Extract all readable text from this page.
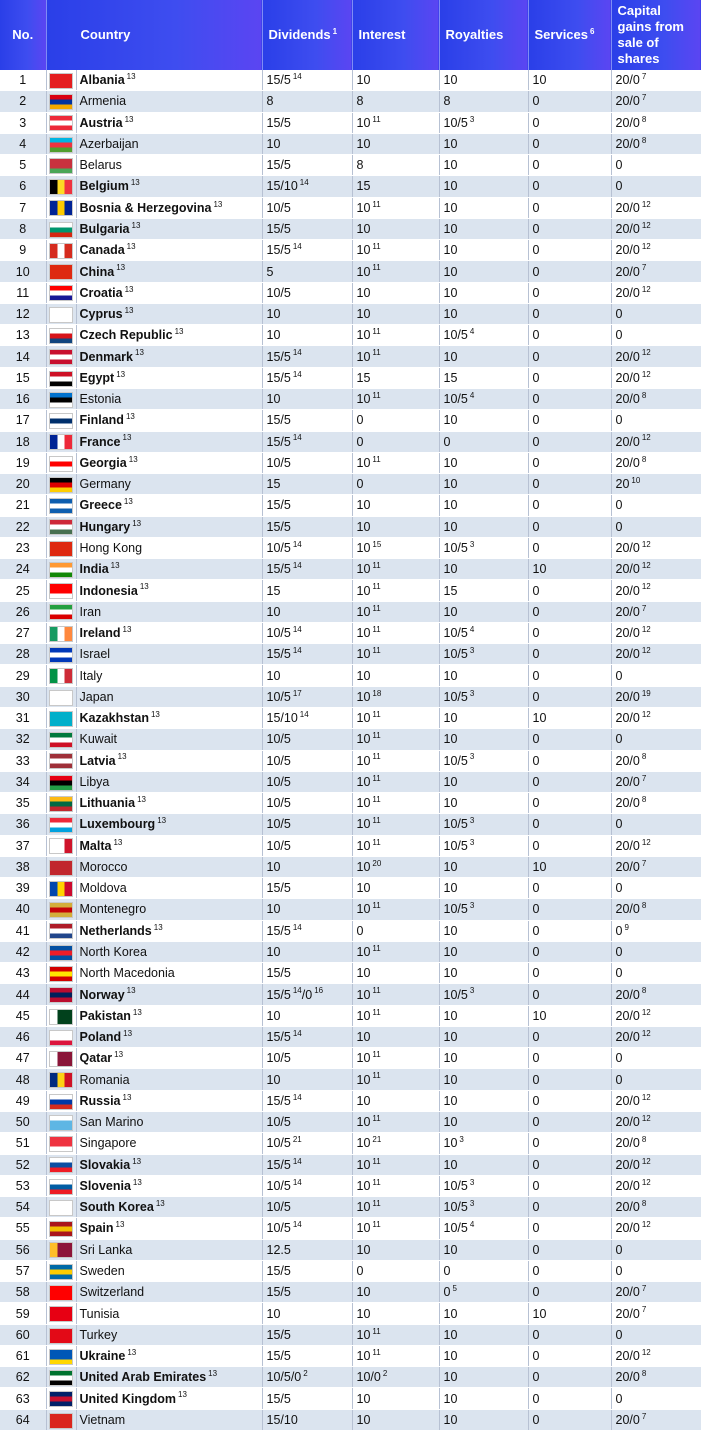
No.	Country		Dividends $^1$	Interest	Royalties	Services $^6$	Capital gains from sale of shares
1		Albania $^{13}$	15/5 $^{14}$	10	10	10	20/0 $^7$
2		Armenia	8	8	8	0	20/0 $^7$
3		Austria $^{13}$	15/5	10 $^{11}$	10/5 $^3$	0	20/0 $^8$
4		Azerbaijan	10	10	10	0	20/0 $^8$
5		Belarus	15/5	8	10	0	0
6		Belgium $^{13}$	15/10 $^{14}$	15	10	0	0
7		Bosnia & Herzegovina $^{13}$	10/5	10 $^{11}$	10	0	20/0 $^{12}$
8		Bulgaria $^{13}$	15/5	10	10	0	20/0 $^{12}$
9		Canada $^{13}$	15/5 $^{14}$	10 $^{11}$	10	0	20/0 $^{12}$
10		China $^{13}$	5	10 $^{11}$	10	0	20/0 $^7$
11		Croatia $^{13}$	10/5	10	10	0	20/0 $^{12}$
12		Cyprus $^{13}$	10	10	10	0	0
13		Czech Republic $^{13}$	10	10 $^{11}$	10/5 $^4$	0	0
14		Denmark $^{13}$	15/5 $^{14}$	10 $^{11}$	10	0	20/0 $^{12}$
15		Egypt $^{13}$	15/5 $^{14}$	15	15	0	20/0 $^{12}$
16		Estonia	10	10 $^{11}$	10/5 $^4$	0	20/0 $^8$
17		Finland $^{13}$	15/5	0	10	0	0
18		France $^{13}$	15/5 $^{14}$	0	0	0	20/0 $^{12}$
19		Georgia $^{13}$	10/5	10 $^{11}$	10	0	20/0 $^8$
20		Germany	15	0	10	0	20 $^{10}$
21		Greece $^{13}$	15/5	10	10	0	0
22		Hungary $^{13}$	15/5	10	10	0	0
23		Hong Kong	10/5 $^{14}$	10 $^{15}$	10/5 $^3$	0	20/0 $^{12}$
24		India $^{13}$	15/5 $^{14}$	10 $^{11}$	10	10	20/0 $^{12}$
25		Indonesia $^{13}$	15	10 $^{11}$	15	0	20/0 $^{12}$
26		Iran	10	10 $^{11}$	10	0	20/0 $^7$
27		Ireland $^{13}$	10/5 $^{14}$	10 $^{11}$	10/5 $^4$	0	20/0 $^{12}$
28		Israel	15/5 $^{14}$	10 $^{11}$	10/5 $^3$	0	20/0 $^{12}$
29		Italy	10	10	10	0	0
30		Japan	10/5 $^{17}$	10 $^{18}$	10/5 $^3$	0	20/0 $^{19}$
31		Kazakhstan $^{13}$	15/10 $^{14}$	10 $^{11}$	10	10	20/0 $^{12}$
32		Kuwait	10/5	10 $^{11}$	10	0	0
33		Latvia $^{13}$	10/5	10 $^{11}$	10/5 $^3$	0	20/0 $^8$
34		Libya	10/5	10 $^{11}$	10	0	20/0 $^7$
35		Lithuania $^{13}$	10/5	10 $^{11}$	10	0	20/0 $^8$
36		Luxembourg $^{13}$	10/5	10 $^{11}$	10/5 $^3$	0	0
37		Malta $^{13}$	10/5	10 $^{11}$	10/5 $^3$	0	20/0 $^{12}$
38		Morocco	10	10 $^{20}$	10	10	20/0 $^7$
39		Moldova	15/5	10	10	0	0
40		Montenegro	10	10 $^{11}$	10/5 $^3$	0	20/0 $^8$
41		Netherlands $^{13}$	15/5 $^{14}$	0	10	0	0 $^9$
42		North Korea	10	10 $^{11}$	10	0	0
43		North Macedonia	15/5	10	10	0	0
44		Norway $^{13}$	15/5 $^{14}$/0 $^{16}$	10 $^{11}$	10/5 $^3$	0	20/0 $^8$
45		Pakistan $^{13}$	10	10 $^{11}$	10	10	20/0 $^{12}$
46		Poland $^{13}$	15/5 $^{14}$	10	10	0	20/0 $^{12}$
47		Qatar $^{13}$	10/5	10 $^{11}$	10	0	0
48		Romania	10	10 $^{11}$	10	0	0
49		Russia $^{13}$	15/5 $^{14}$	10	10	0	20/0 $^{12}$
50		San Marino	10/5	10 $^{11}$	10	0	20/0 $^{12}$
51		Singapore	10/5 $^{21}$	10 $^{21}$	10 $^3$	0	20/0 $^8$
52		Slovakia $^{13}$	15/5 $^{14}$	10 $^{11}$	10	0	20/0 $^{12}$
53		Slovenia $^{13}$	10/5 $^{14}$	10 $^{11}$	10/5 $^3$	0	20/0 $^{12}$
54		South Korea $^{13}$	10/5	10 $^{11}$	10/5 $^3$	0	20/0 $^8$
55		Spain $^{13}$	10/5 $^{14}$	10 $^{11}$	10/5 $^4$	0	20/0 $^{12}$
56		Sri Lanka	12.5	10	10	0	0
57		Sweden	15/5	0	0	0	0
58		Switzerland	15/5	10	0 $^5$	0	20/0 $^7$
59		Tunisia	10	10	10	10	20/0 $^7$
60		Turkey	15/5	10 $^{11}$	10	0	0
61		Ukraine $^{13}$	15/5	10 $^{11}$	10	0	20/0 $^{12}$
62		United Arab Emirates $^{13}$	10/5/0 $^2$	10/0 $^2$	10	0	20/0 $^8$
63		United Kingdom $^{13}$	15/5	10	10	0	0
64		Vietnam	15/10	10	10	0	20/0 $^7$
